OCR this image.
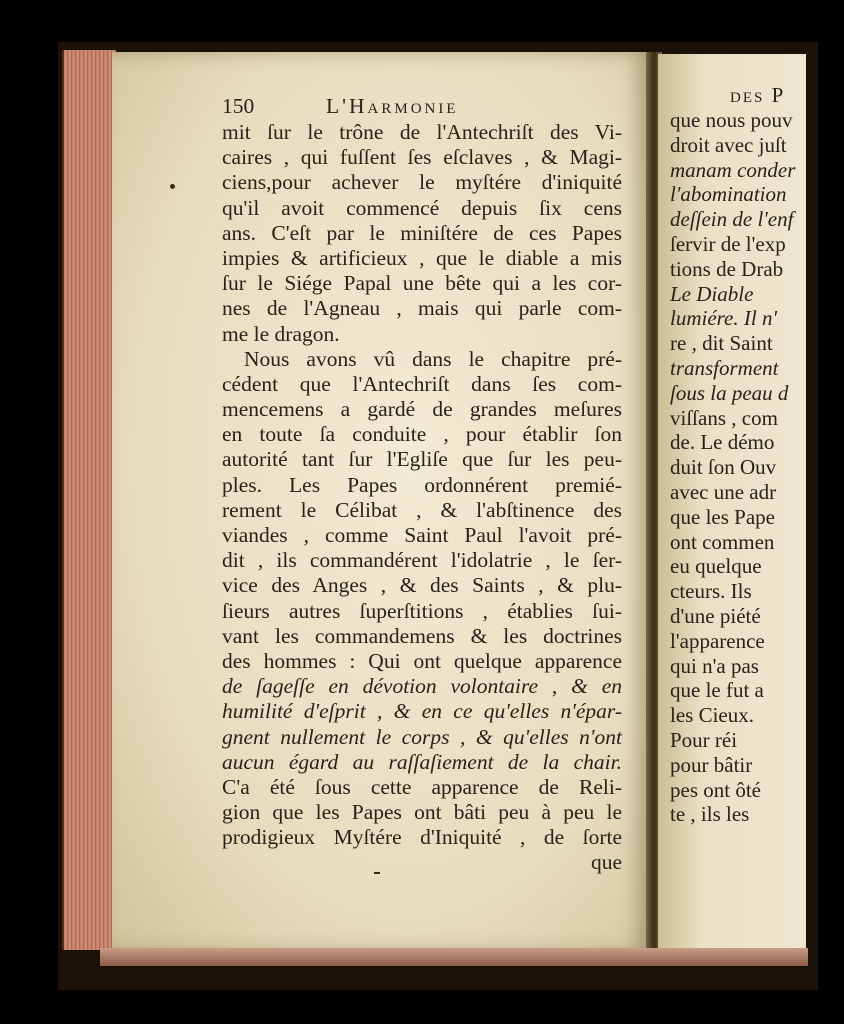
150	L'Harmonie
mit ſur le trône de l'Antechriſt des Vi-
caires , qui fuſſent ſes eſclaves , & Magi-
ciens,pour achever le myſtére d'iniquité
qu'il avoit commencé depuis ſix cens
ans. C'eſt par le miniſtére de ces Papes
impies & artificieux , que le diable a mis
ſur le Siége Papal une bête qui a les cor-
nes de l'Agneau , mais qui parle com-
me le dragon.
Nous avons vû dans le chapitre pré-
cédent que l'Antechriſt dans ſes com-
mencemens a gardé de grandes meſures
en toute ſa conduite , pour établir ſon
autorité tant ſur l'Egliſe que ſur les peu-
ples. Les Papes ordonnérent premié-
rement le Célibat , & l'abſtinence des
viandes , comme Saint Paul l'avoit pré-
dit , ils commandérent l'idolatrie , le ſer-
vice des Anges , & des Saints , & plu-
ſieurs autres ſuperſtitions , établies ſui-
vant les commandemens & les doctrines
des hommes : Qui ont quelque apparence
de ſageſſe en dévotion volontaire , & en
humilité d'eſprit , & en ce qu'elles n'épar-
gnent nullement le corps , & qu'elles n'ont
aucun égard au raſſaſiement de la chair.
C'a été ſous cette apparence de Reli-
gion que les Papes ont bâti peu à peu le
prodigieux Myſtére d'Iniquité , de ſorte
que
des P
que nous pouv
droit avec juſt
manam conder
l'abomination
deſſein de l'enf
ſervir de l'exp
tions de Drab
Le Diable
lumiére. Il n'
re , dit Saint
transforment
ſous la peau d
viſſans , com
de. Le démo
duit ſon Ouv
avec une adr
que les Pape
ont commen
eu quelque
cteurs. Ils
d'une piété
l'apparence
qui n'a pas
que le fut a
les Cieux.
Pour réi
pour bâtir
pes ont ôté
te , ils les
